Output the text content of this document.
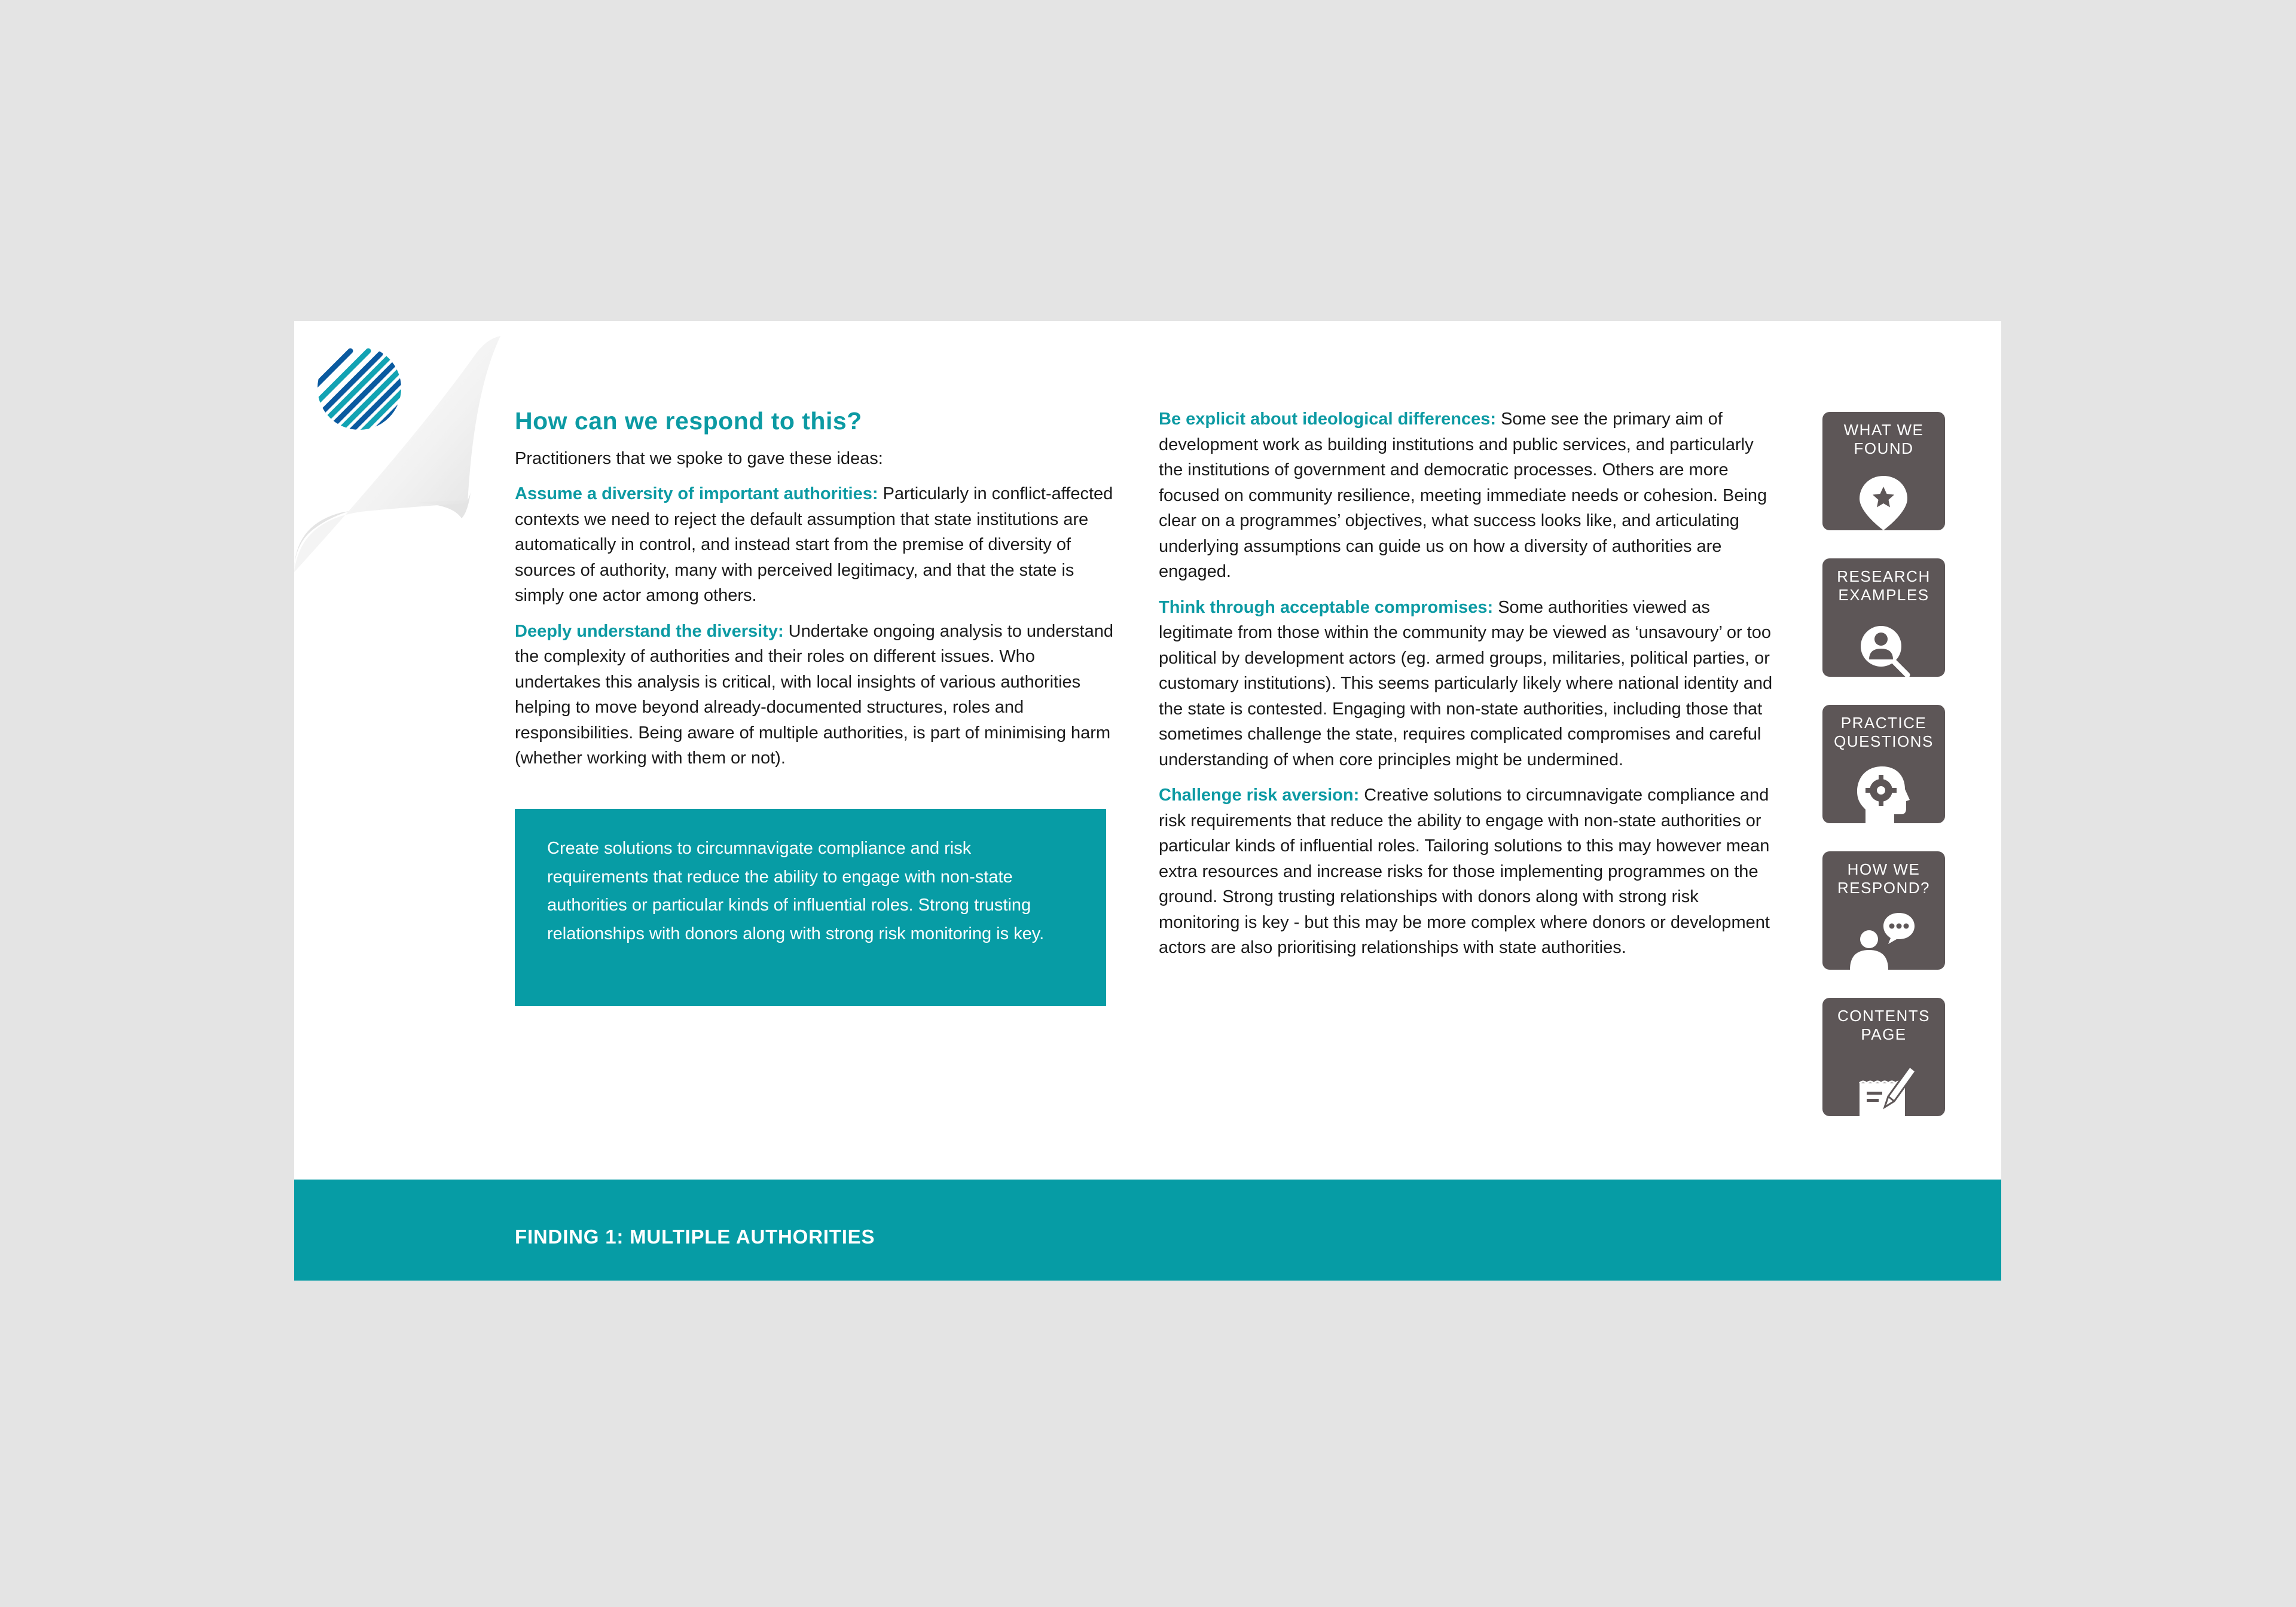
How can we respond to this?
Practitioners that we spoke to gave these ideas:

Assume a diversity of important authorities: Particularly in conflict-affected contexts we need to reject the default assumption that state institutions are automatically in control, and instead start from the premise of diversity of sources of authority, many with perceived legitimacy, and that the state is simply one actor among others.

Deeply understand the diversity: Undertake ongoing analysis to understand the complexity of authorities and their roles on different issues. Who undertakes this analysis is critical, with local insights of various authorities helping to move beyond already-documented structures, roles and responsibilities. Being aware of multiple authorities, is part of minimising harm (whether working with them or not).

Create solutions to circumnavigate compliance and risk requirements that reduce the ability to engage with non-state authorities or particular kinds of influential roles. Strong trusting relationships with donors along with strong risk monitoring is key.

Be explicit about ideological differences: Some see the primary aim of development work as building institutions and public services, and particularly the institutions of government and democratic processes. Others are more focused on community resilience, meeting immediate needs or cohesion. Being clear on a programmes’ objectives, what success looks like, and articulating underlying assumptions can guide us on how a diversity of authorities are engaged.

Think through acceptable compromises: Some authorities viewed as legitimate from those within the community may be viewed as ‘unsavoury’ or too political by development actors (eg. armed groups, militaries, political parties, or customary institutions). This seems particularly likely where national identity and the state is contested. Engaging with non-state authorities, including those that sometimes challenge the state, requires complicated compromises and careful understanding of when core principles might be undermined.

Challenge risk aversion: Creative solutions to circumnavigate compliance and risk requirements that reduce the ability to engage with non-state authorities or particular kinds of influential roles. Tailoring solutions to this may however mean extra resources and increase risks for those implementing programmes on the ground. Strong trusting relationships with donors along with strong risk monitoring is key - but this may be more complex where donors or development actors are also prioritising relationships with state authorities.

WHAT WE
FOUND
RESEARCH
EXAMPLES
PRACTICE
QUESTIONS
HOW WE
RESPOND?
CONTENTS
PAGE
FINDING 1: MULTIPLE AUTHORITIES
